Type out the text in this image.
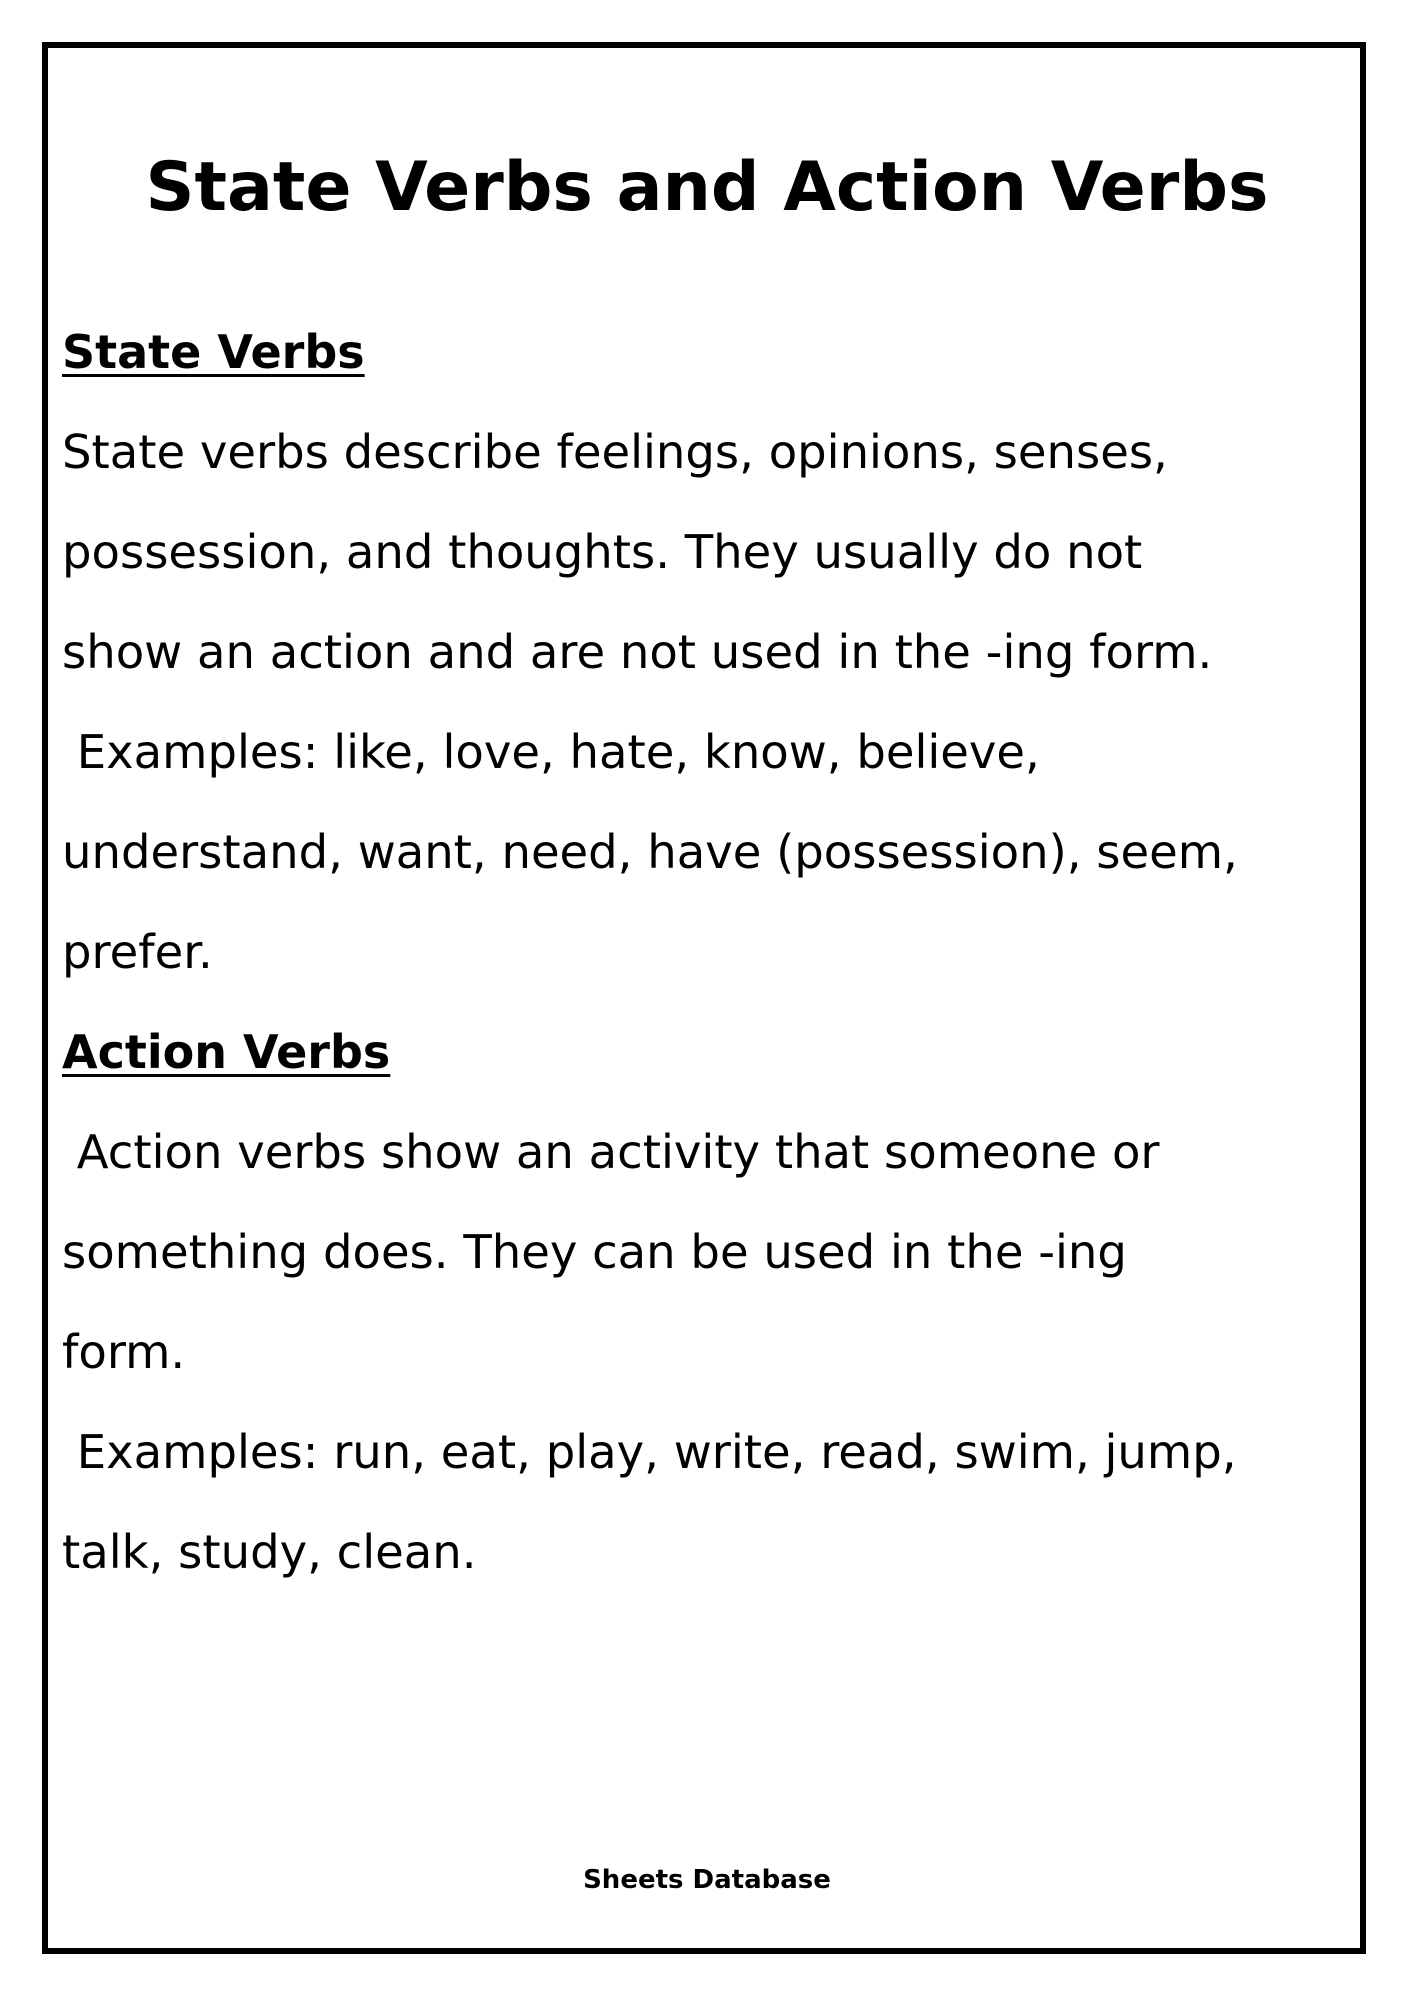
State Verbs and Action Verbs
State Verbs
State verbs describe feelings, opinions, senses,
possession, and thoughts. They usually do not
show an action and are not used in the -ing form.
Examples: like, love, hate, know, believe,
understand, want, need, have (possession), seem,
prefer.
Action Verbs
Action verbs show an activity that someone or
something does. They can be used in the -ing
form.
Examples: run, eat, play, write, read, swim, jump,
talk, study, clean.
Sheets Database
